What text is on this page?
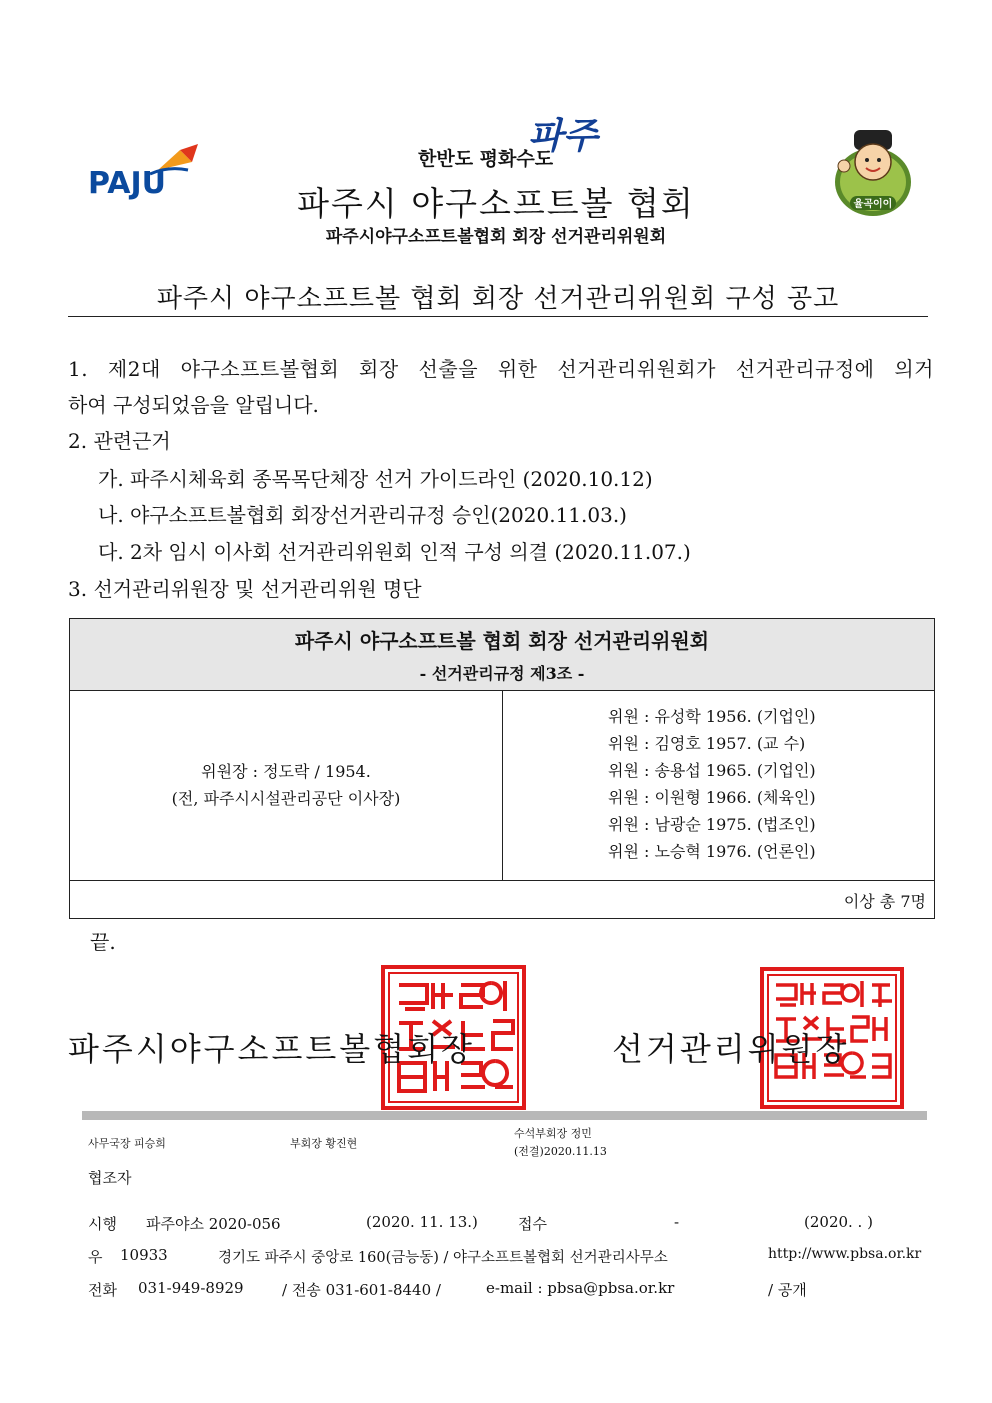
PAJU
파주
한반도 평화수도
율곡이이
파주시 야구소프트볼 협회
파주시야구소프트볼협회 회장 선거관리위원회
파주시 야구소프트볼 협회 회장 선거관리위원회 구성 공고
1. 제2대 야구소프트볼협회 회장 선출을 위한 선거관리위원회가 선거관리규정에 의거
하여 구성되었음을 알립니다.
2. 관련근거
가. 파주시체육회 종목목단체장 선거 가이드라인 (2020.10.12)
나. 야구소프트볼협회 회장선거관리규정 승인(2020.11.03.)
다. 2차 임시 이사회 선거관리위원회 인적 구성 의결 (2020.11.07.)
3. 선거관리위원장 및 선거관리위원 명단
파주시 야구소프트볼 협회 회장 선거관리위원회
- 선거관리규정 제3조 -
위원장 : 정도락 / 1954.
(전, 파주시시설관리공단 이사장)
위원 : 유성학 1956. (기업인)
위원 : 김영호 1957. (교 수)
위원 : 송용섭 1965. (기업인)
위원 : 이원형 1966. (체육인)
위원 : 남광순 1975. (법조인)
위원 : 노승혁 1976. (언론인)
이상 총 7명
끝.
파주시야구소프트볼협회장	선거관리위원장
사무국장 피승희	부회장 황진현
수석부회장 정민
(전결)2020.11.13
협조자
시행 파주야소 2020-056	(2020. 11. 13.)	접수	-	(2020. . )
우 10933	경기도 파주시 중앙로 160(금능동) / 야구소프트볼협회 선거관리사무소	http://www.pbsa.or.kr
전화 031-949-8929	/ 전송 031-601-8440 /	e-mail : pbsa@pbsa.or.kr	/ 공개
